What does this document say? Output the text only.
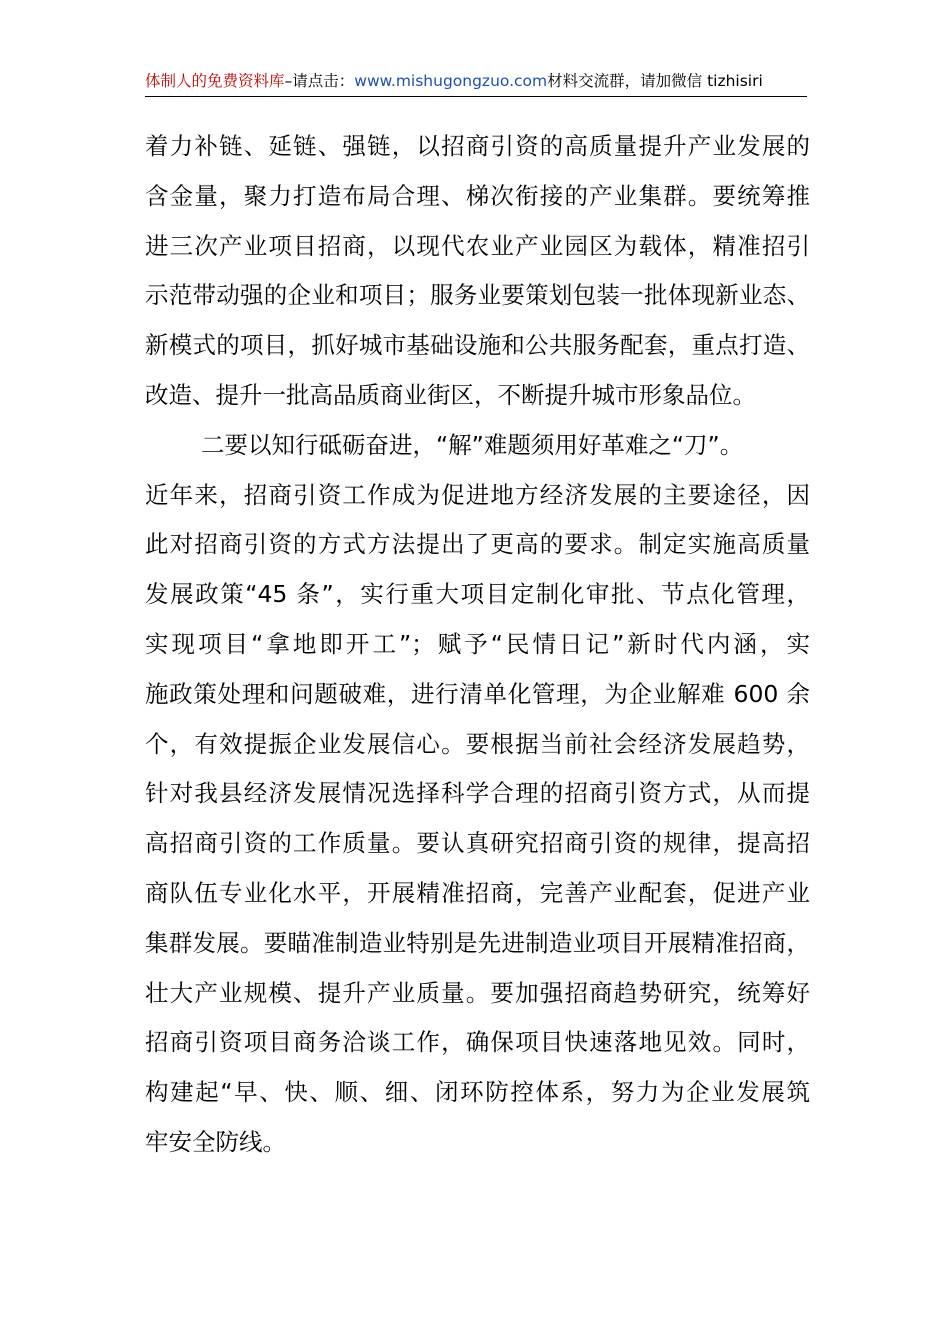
体制人的免费资料库–请点击：www.mishugongzuo.com材料交流群，请加微信 tizhisiri

着力补链、延链、强链，以招商引资的高质量提升产业发展的
含金量，聚力打造布局合理、梯次衔接的产业集群。要统筹推
进三次产业项目招商，以现代农业产业园区为载体，精准招引
示范带动强的企业和项目；服务业要策划包装一批体现新业态、
新模式的项目，抓好城市基础设施和公共服务配套，重点打造、
改造、提升一批高品质商业街区，不断提升城市形象品位。

二要以知行砥砺奋进，“解”难题须用好革难之“刀”。
近年来，招商引资工作成为促进地方经济发展的主要途径，因
此对招商引资的方式方法提出了更高的要求。制定实施高质量
发展政策“45 条”，实行重大项目定制化审批、节点化管理，
实现项目“拿地即开工”；赋予“民情日记”新时代内涵，实
施政策处理和问题破难，进行清单化管理，为企业解难 600 余
个，有效提振企业发展信心。要根据当前社会经济发展趋势，
针对我县经济发展情况选择科学合理的招商引资方式，从而提
高招商引资的工作质量。要认真研究招商引资的规律，提高招
商队伍专业化水平，开展精准招商，完善产业配套，促进产业
集群发展。要瞄准制造业特别是先进制造业项目开展精准招商，
壮大产业规模、提升产业质量。要加强招商趋势研究，统筹好
招商引资项目商务洽谈工作，确保项目快速落地见效。同时，
构建起“早、快、顺、细、闭环防控体系，努力为企业发展筑
牢安全防线。
